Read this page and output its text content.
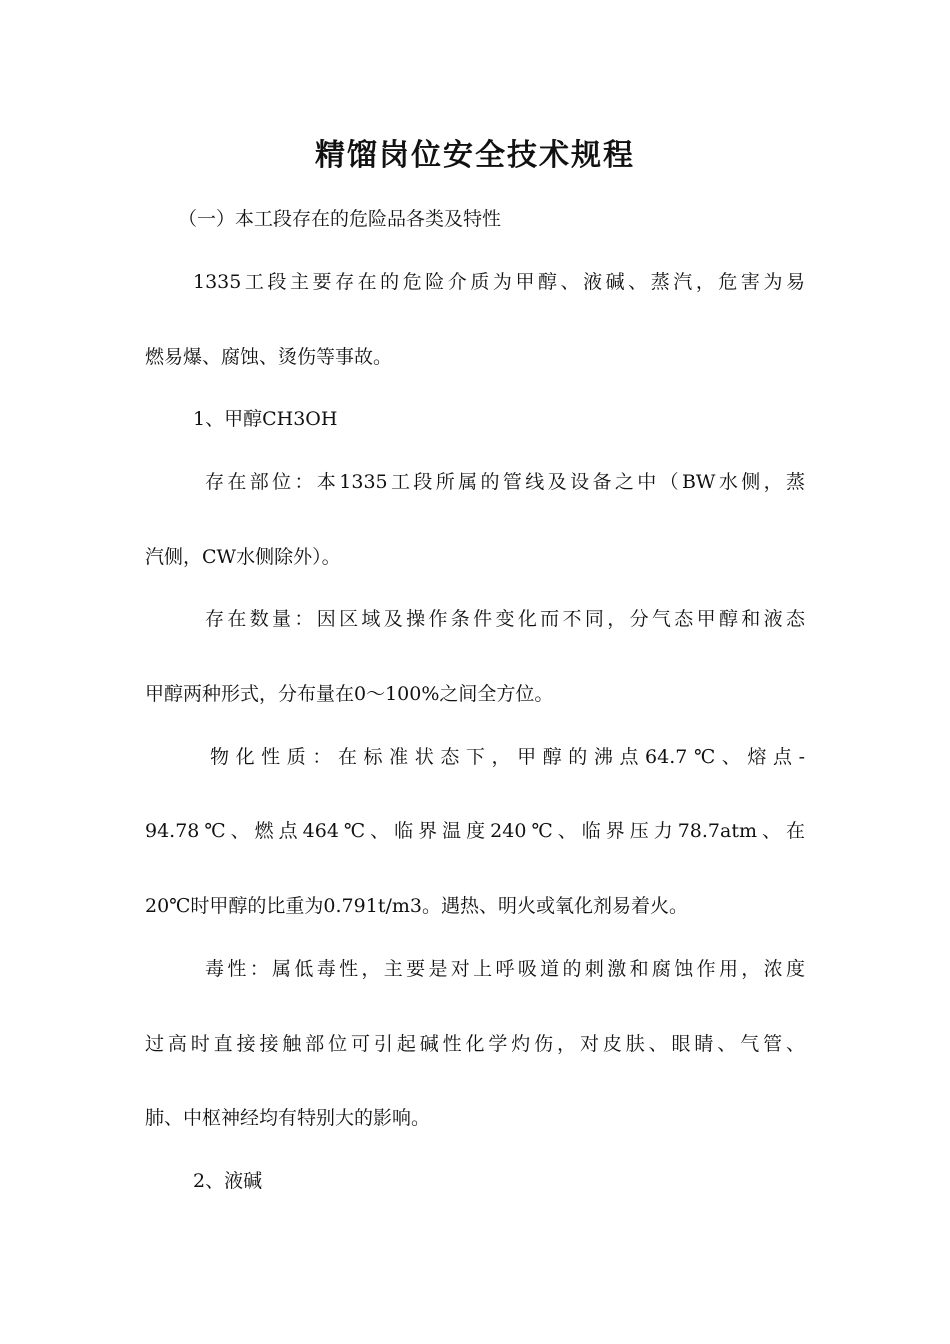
精馏岗位安全技术规程
（一）本工段存在的危险品各类及特性
1335工段主要存在的危险介质为甲醇、液碱、蒸汽，危害为易
燃易爆、腐蚀、烫伤等事故。
1、甲醇CH3OH
存在部位：本1335工段所属的管线及设备之中（BW水侧，蒸
汽侧，CW水侧除外）。
存在数量：因区域及操作条件变化而不同，分气态甲醇和液态
甲醇两种形式，分布量在0～100%之间全方位。
物化性质：在标准状态下，甲醇的沸点64.7℃、熔点-
94.78℃、燃点464℃、临界温度240℃、临界压力78.7atm、在
20℃时甲醇的比重为0.791t/m3。遇热、明火或氧化剂易着火。
毒性：属低毒性，主要是对上呼吸道的刺激和腐蚀作用，浓度
过高时直接接触部位可引起碱性化学灼伤，对皮肤、眼睛、气管、
肺、中枢神经均有特别大的影响。
2、液碱
